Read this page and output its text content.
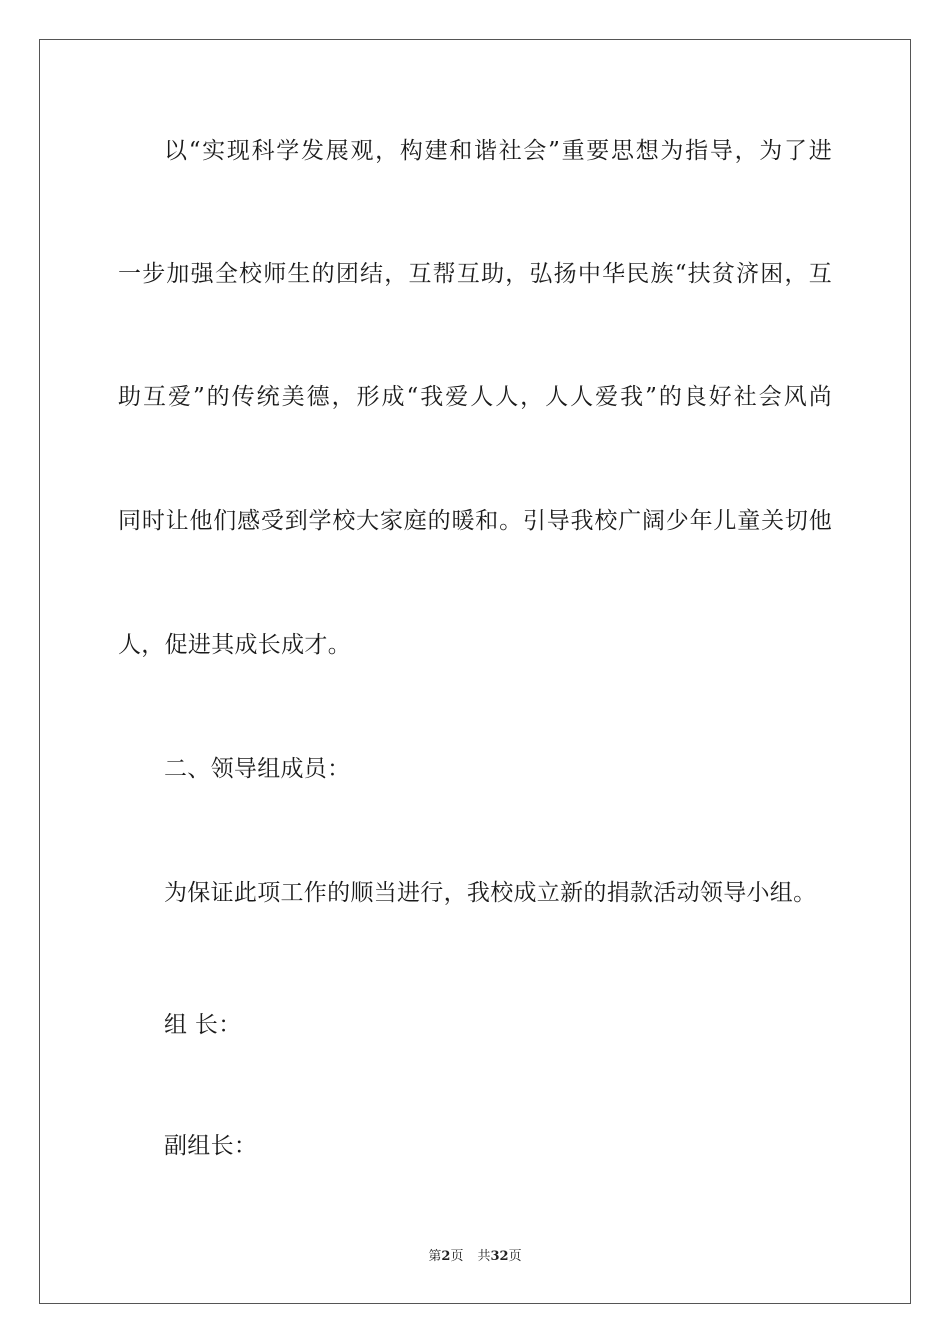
以“实现科学发展观，构建和谐社会”重要思想为指导，为了进
一步加强全校师生的团结，互帮互助，弘扬中华民族“扶贫济困，互
助互爱”的传统美德，形成“我爱人人，人人爱我”的良好社会风尚
同时让他们感受到学校大家庭的暖和。引导我校广阔少年儿童关切他
人，促进其成长成才。
二、领导组成员：
为保证此项工作的顺当进行，我校成立新的捐款活动领导小组。
组 长：
副组长：
第2页 共32页
